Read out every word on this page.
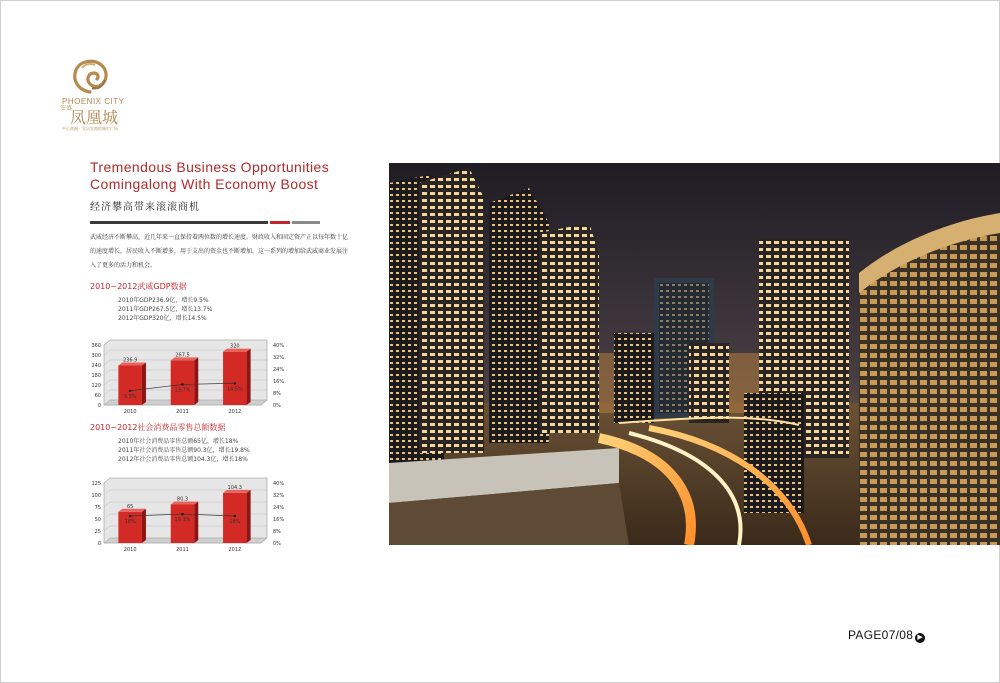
PHOENIX CITY
安盛凤凰城
中心商圈 · 宜居宜商的城市广场
Tremendous Business Opportunities
Comingalong With Economy Boost
经济攀高带来滚滚商机
武威经济不断攀高，近几年来一直保持着两位数的增长速度。财政收入和固定资产正以每年数十亿的速度增长，居民收入不断增多，用于支出的资金也不断增加，这一系列的增加给武威商业发展注入了更多的活力和机会。
2010~2012武威GDP数据
2010年GDP236.9亿，增长9.5%
2011年GDP267.5亿，增长13.7%
2012年GDP320亿，增长14.5%
0
60
120
180
240
300
360
0%
8%
16%
24%
32%
40%
236.9
2010
267.5
2011
320
2012
9.5%
13.7%	14.5%
2010~2012社会消费品零售总额数据
2010年社会消费品零售总额65亿，增长18%
2011年社会消费品零售总额90.3亿，增长19.8%
2012年社会消费品零售总额104.3亿，增长18%
0
25
50
75
100
125
0%
8%
16%
24%
32%
40%
65
2010
80.3
2011
104.3
2012
18%	19.3%	18%
PAGE07/08 ▶
